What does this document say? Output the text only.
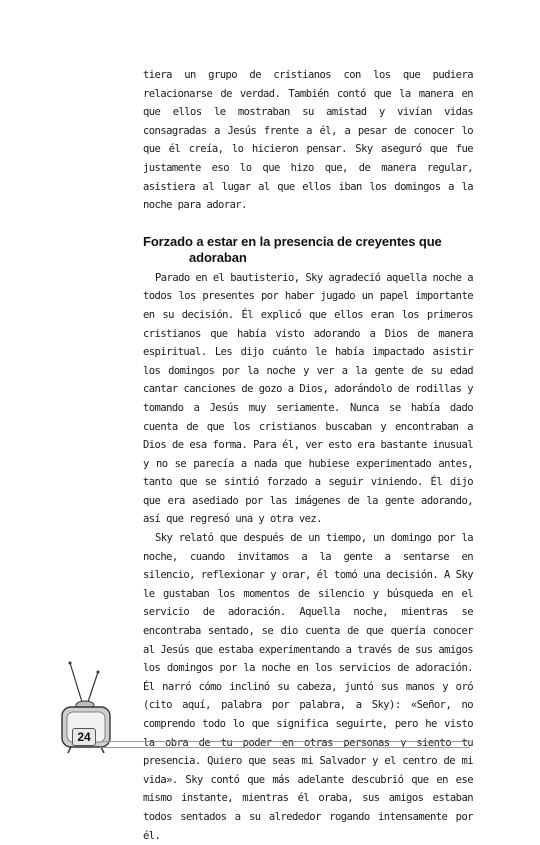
tiera un grupo de cristianos con los que pudiera relacionarse de verdad. También contó que la manera en que ellos le mostraban su amistad y vivían vidas consagradas a Jesús frente a él, a pesar de conocer lo que él creía, lo hicieron pensar. Sky aseguró que fue justamente eso lo que hizo que, de manera regular, asistiera al lugar al que ellos iban los domingos a la noche para adorar.

Forzado a estar en la presencia de creyentes que
adoraban

Parado en el bautisterio, Sky agradeció aquella noche a todos los presentes por haber jugado un papel importante en su decisión. Él explicó que ellos eran los primeros cristianos que había visto adorando a Dios de manera espiritual. Les dijo cuánto le había impactado asistir los domingos por la noche y ver a la gente de su edad cantar canciones de gozo a Dios, adorándolo de rodillas y tomando a Jesús muy seriamente. Nunca se había dado cuenta de que los cristianos buscaban y encontraban a Dios de esa forma. Para él, ver esto era bastante inusual y no se parecía a nada que hubiese experimentado antes, tanto que se sintió forzado a seguir viniendo. Él dijo que era asediado por las imágenes de la gente adorando, así que regresó una y otra vez.

Sky relató que después de un tiempo, un domingo por la noche, cuando invitamos a la gente a sentarse en silencio, reflexionar y orar, él tomó una decisión. A Sky le gustaban los momentos de silencio y búsqueda en el servicio de adoración. Aquella noche, mientras se encontraba sentado, se dio cuenta de que quería conocer al Jesús que estaba experimentando a través de sus amigos los domingos por la noche en los servicios de adoración. Él narró cómo inclinó su cabeza, juntó sus manos y oró (cito aquí, palabra por palabra, a Sky): «Señor, no comprendo todo lo que significa seguirte, pero he visto la obra de tu poder en otras personas y siento tu presencia. Quiero que seas mi Salvador y el centro de mi vida». Sky contó que más adelante descubrió que en ese mismo instante, mientras él oraba, sus amigos estaban todos sentados a su alrededor rogando intensamente por él.

24
